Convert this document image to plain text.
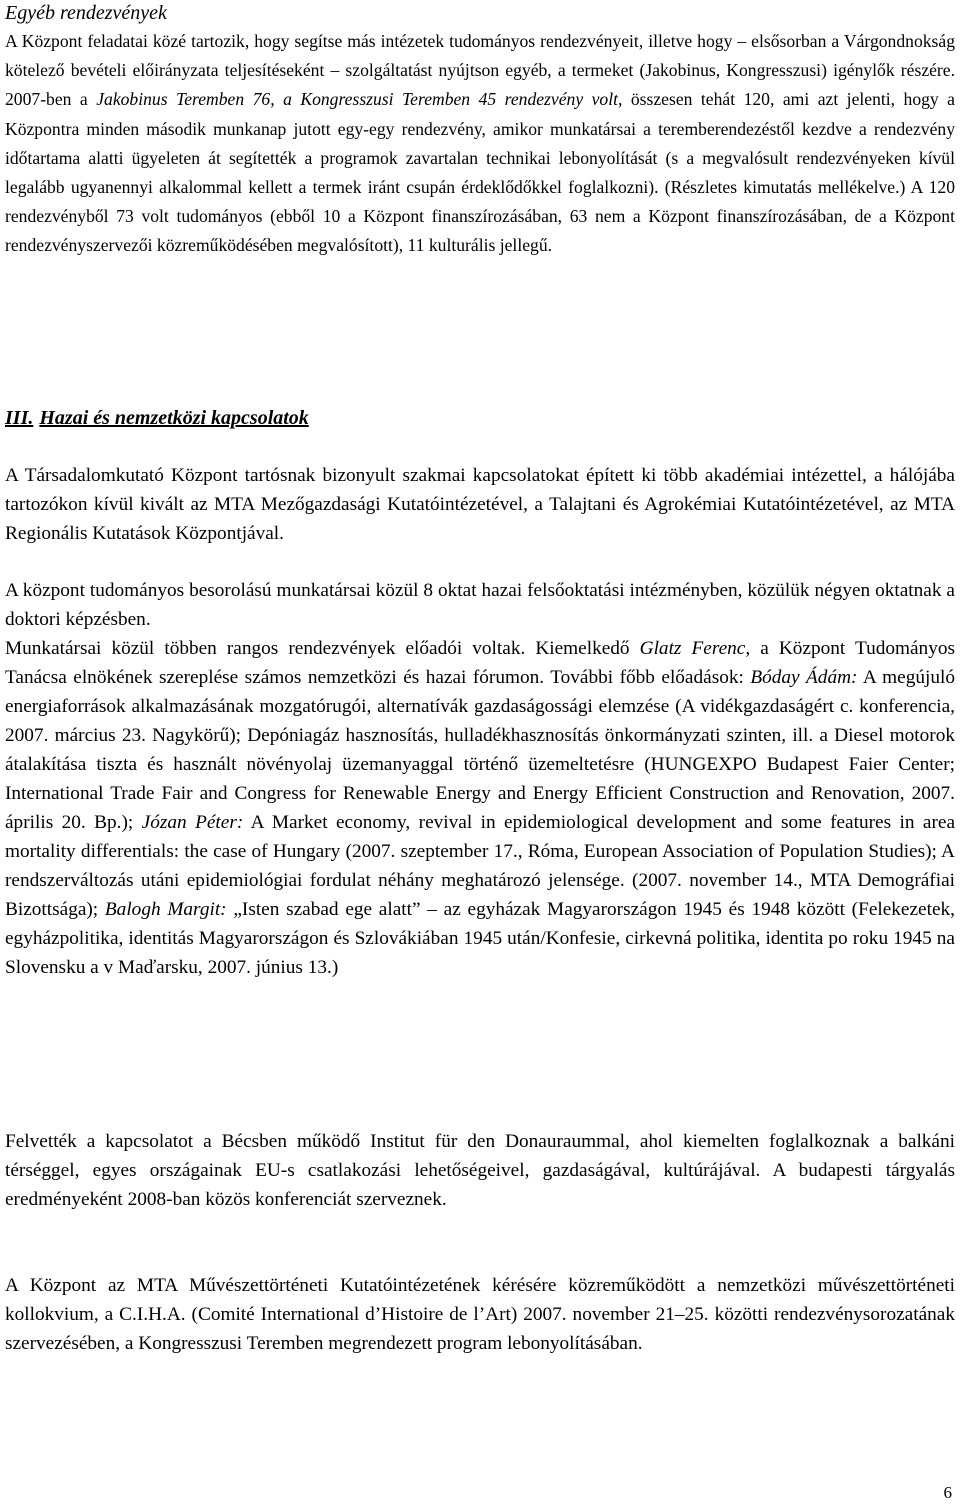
Egyéb rendezvények
A Központ feladatai közé tartozik, hogy segítse más intézetek tudományos rendezvényeit, illetve hogy – elsősorban a Várgondnokság kötelező bevételi előirányzata teljesítéseként – szolgáltatást nyújtson egyéb, a termeket (Jakobinus, Kongresszusi) igénylők részére. 2007-ben a Jakobinus Teremben 76, a Kongresszusi Teremben 45 rendezvény volt, összesen tehát 120, ami azt jelenti, hogy a Központra minden második munkanap jutott egy-egy rendezvény, amikor munkatársai a teremberendezéstől kezdve a rendezvény időtartama alatti ügyeleten át segítették a programok zavartalan technikai lebonyolítását (s a megvalósult rendezvényeken kívül legalább ugyanennyi alkalommal kellett a termek iránt csupán érdeklődőkkel foglalkozni). (Részletes kimutatás mellékelve.) A 120 rendezvényből 73 volt tudományos (ebből 10 a Központ finanszírozásában, 63 nem a Központ finanszírozásában, de a Központ rendezvényszervezői közreműködésében megvalósított), 11 kulturális jellegű.
III. Hazai és nemzetközi kapcsolatok
A Társadalomkutató Központ tartósnak bizonyult szakmai kapcsolatokat épített ki több akadémiai intézettel, a hálójába tartozókon kívül kivált az MTA Mezőgazdasági Kutatóintézetével, a Talajtani és Agrokémiai Kutatóintézetével, az MTA Regionális Kutatások Központjával.
A központ tudományos besorolású munkatársai közül 8 oktat hazai felsőoktatási intézményben, közülük négyen oktatnak a doktori képzésben.
Munkatársai közül többen rangos rendezvények előadói voltak. Kiemelkedő Glatz Ferenc, a Központ Tudományos Tanácsa elnökének szereplése számos nemzetközi és hazai fórumon. További főbb előadások: Bóday Ádám: A megújuló energiaforrások alkalmazásának mozgatórugói, alternatívák gazdaságossági elemzése (A vidékgazdaságért c. konferencia, 2007. március 23. Nagykörű); Depóniagáz hasznosítás, hulladékhasznosítás önkormányzati szinten, ill. a Diesel motorok átalakítása tiszta és használt növényolaj üzemanyaggal történő üzemeltetésre (HUNGEXPO Budapest Faier Center; International Trade Fair and Congress for Renewable Energy and Energy Efficient Construction and Renovation, 2007. április 20. Bp.); Józan Péter: A Market economy, revival in epidemiological development and some features in area mortality differentials: the case of Hungary (2007. szeptember 17., Róma, European Association of Population Studies); A rendszerváltozás utáni epidemiológiai fordulat néhány meghatározó jelensége. (2007. november 14., MTA Demográfiai Bizottsága); Balogh Margit: „Isten szabad ege alatt” – az egyházak Magyarországon 1945 és 1948 között (Felekezetek, egyházpolitika, identitás Magyarországon és Szlovákiában 1945 után/Konfesie, cirkevná politika, identita po roku 1945 na Slovensku a v Maďarsku, 2007. június 13.)
Felvették a kapcsolatot a Bécsben működő Institut für den Donauraummal, ahol kiemelten foglalkoznak a balkáni térséggel, egyes országainak EU-s csatlakozási lehetőségeivel, gazdaságával, kultúrájával. A budapesti tárgyalás eredményeként 2008-ban közös konferenciát szerveznek.
A Központ az MTA Művészettörténeti Kutatóintézetének kérésére közreműködött a nemzetközi művészettörténeti kollokvium, a C.I.H.A. (Comité International d’Histoire de l’Art) 2007. november 21–25. közötti rendezvénysorozatának szervezésében, a Kongresszusi Teremben megrendezett program lebonyolításában.
6
